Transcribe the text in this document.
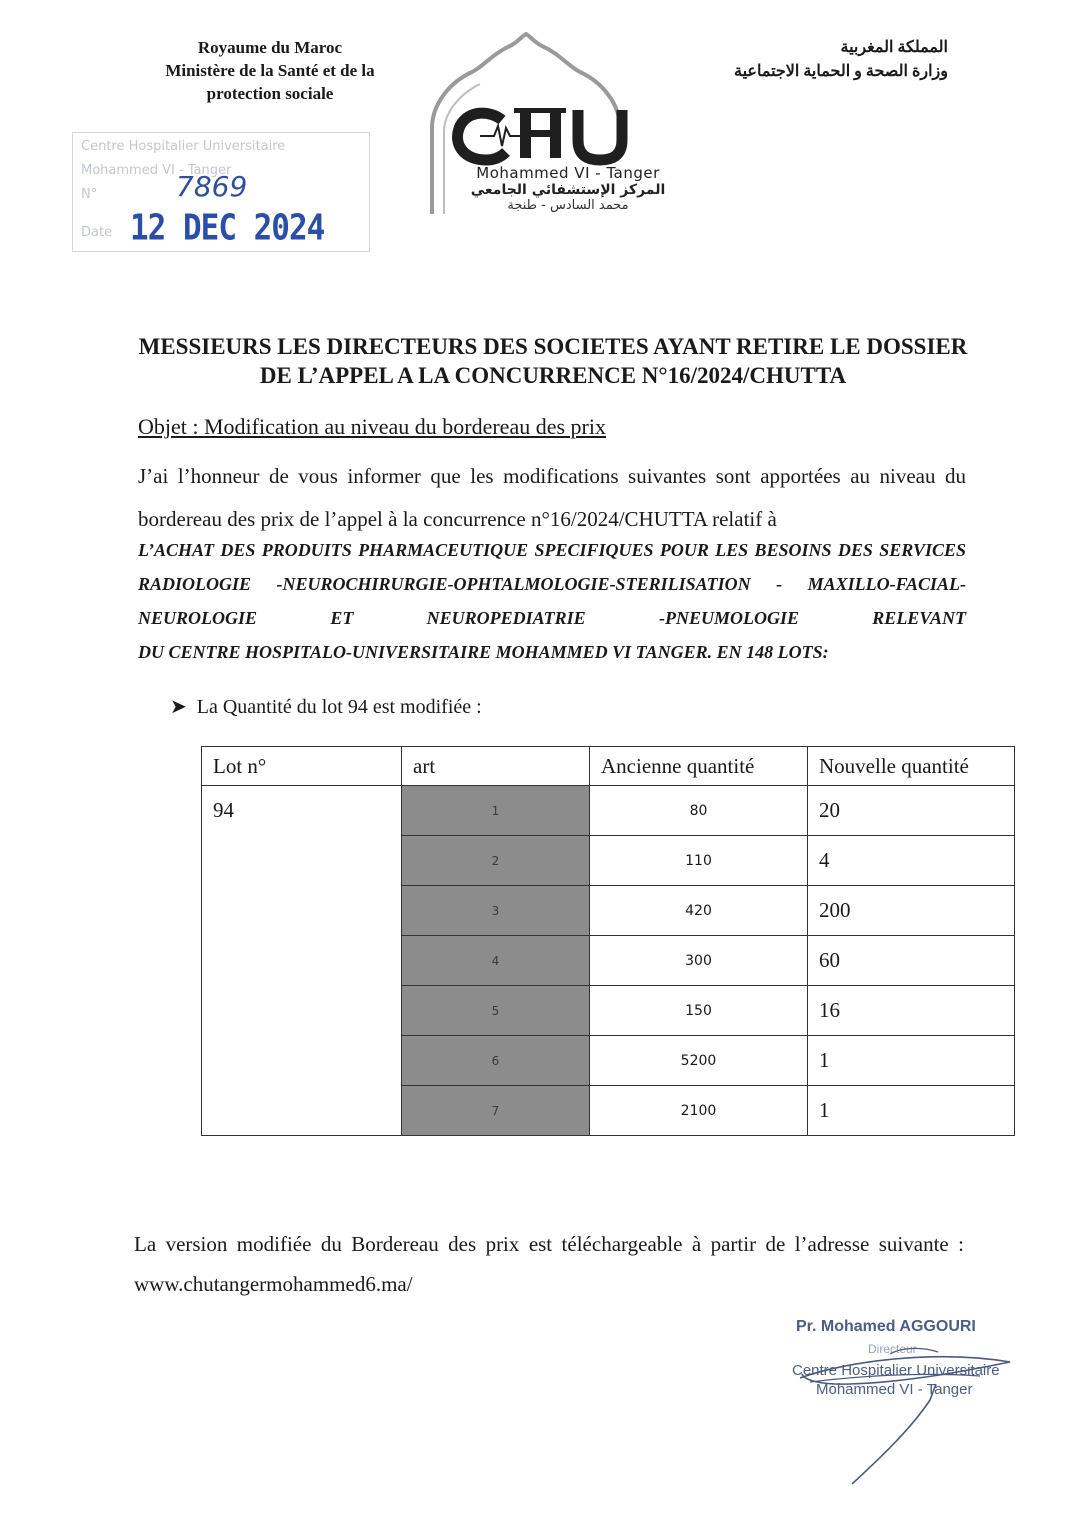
Royaume du Maroc
Ministère de la Santé et de la
protection sociale
المملكة المغربية
وزارة الصحة و الحماية الاجتماعية
Mohammed VI - Tanger
المركز الإستشفائي الجامعي
محمد السادس - طنجة
Centre Hospitalier Universitaire
Mohammed VI - Tanger
N°
Date
7869
12 DEC 2024
MESSIEURS LES DIRECTEURS DES SOCIETES AYANT RETIRE LE DOSSIER DE L’APPEL A LA CONCURRENCE N°16/2024/CHUTTA
Objet : Modification au niveau du bordereau des prix
J’ai l’honneur de vous informer que les modifications suivantes sont apportées au niveau du bordereau des prix de l’appel à la concurrence n°16/2024/CHUTTA relatif à
L’ACHAT DES PRODUITS PHARMACEUTIQUE SPECIFIQUES POUR LES BESOINS DES SERVICES RADIOLOGIE -NEUROCHIRURGIE-OPHTALMOLOGIE-STERILISATION - MAXILLO-FACIAL- NEUROLOGIE ET NEUROPEDIATRIE -PNEUMOLOGIE RELEVANT
DU CENTRE HOSPITALO-UNIVERSITAIRE MOHAMMED VI TANGER. EN 148 LOTS:
➤ La Quantité du lot 94 est modifiée :
Lot n°	art	Ancienne quantité	Nouvelle quantité
94	1	80	20
	2	110	4
	3	420	200
	4	300	60
	5	150	16
	6	5200	1
	7	2100	1
La version modifiée du Bordereau des prix est téléchargeable à partir de l’adresse suivante : www.chutangermohammed6.ma/
Pr. Mohamed AGGOURI
Directeur
Centre Hospitalier Universitaire
Mohammed VI - Tanger
